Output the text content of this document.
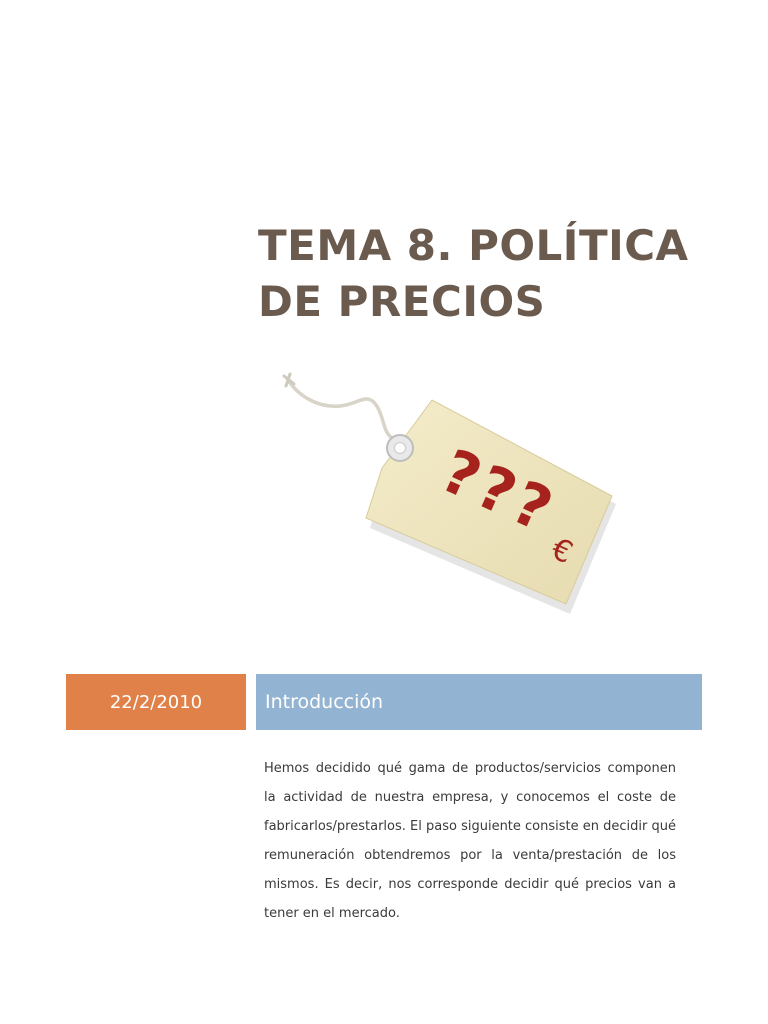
TEMA 8. POLÍTICA
DE PRECIOS
???
€
22/2/2010	Introducción

Hemos decidido qué gama de productos/servicios componen la actividad de nuestra empresa, y conocemos el coste de fabricarlos/prestarlos. El paso siguiente consiste en decidir qué remuneración obtendremos por la venta/prestación de los mismos. Es decir, nos corresponde decidir qué precios van a tener en el mercado.
